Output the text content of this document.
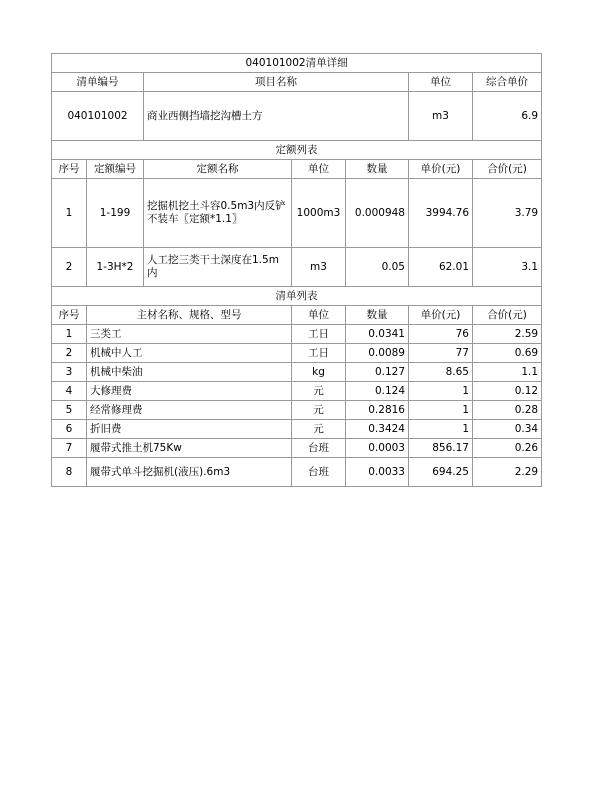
040101002清单详细						
清单编号		项目名称			单位	综合单价
040101002		商业西侧挡墙挖沟槽土方			m3	6.9
定额列表						
序号	定额编号	定额名称	单位	数量	单价(元)	合价(元)
1	1-199	挖掘机挖土斗容0.5m3内反铲不装车〖定额*1.1〗	1000m3	0.000948	3994.76	3.79
2	1-3H*2	人工挖三类干土深度在1.5m内	m3	0.05	62.01	3.1
清单列表						
序号	主材名称、规格、型号		单位	数量	单价(元)	合价(元)
1	三类工		工日	0.0341	76	2.59
2	机械中人工		工日	0.0089	77	0.69
3	机械中柴油		kg	0.127	8.65	1.1
4	大修理费		元	0.124	1	0.12
5	经常修理费		元	0.2816	1	0.28
6	折旧费		元	0.3424	1	0.34
7	履带式推土机75Kw		台班	0.0003	856.17	0.26
8	履带式单斗挖掘机(液压).6m3		台班	0.0033	694.25	2.29
